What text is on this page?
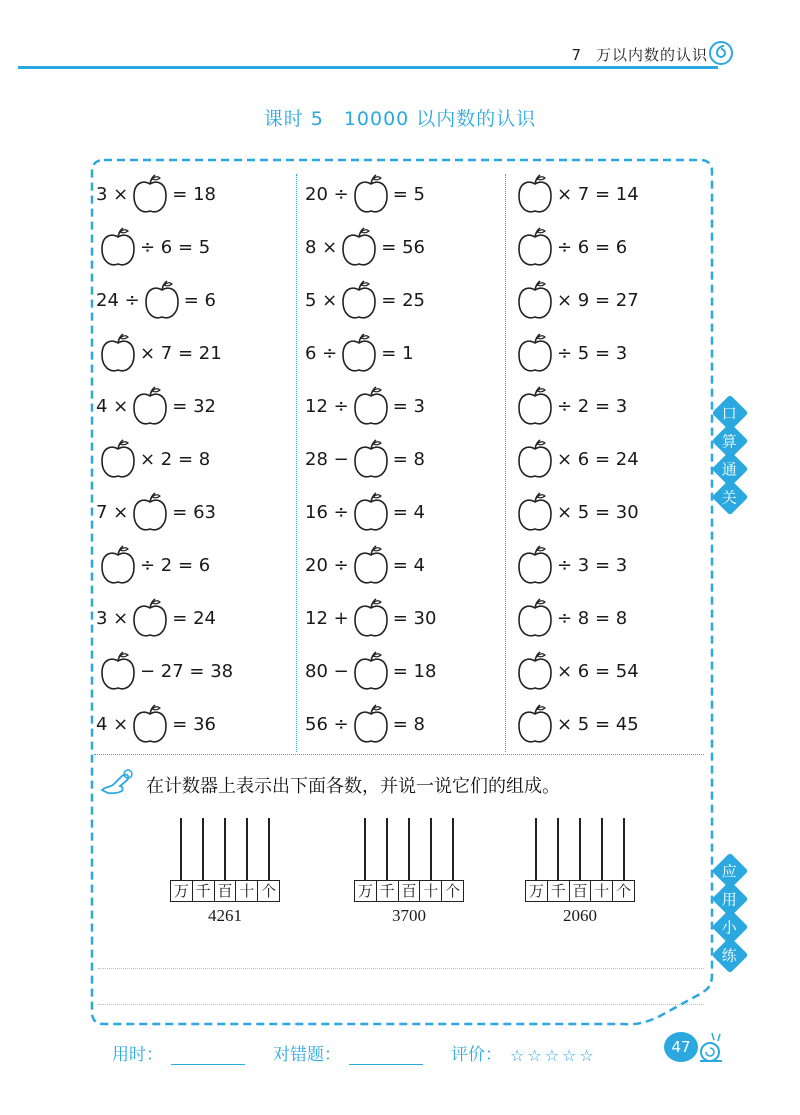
7 万以内数的认识
课时 5 10000 以内数的认识
3 × = 18
÷ 6 = 5
24 ÷ = 6
× 7 = 21
4 × = 32
× 2 = 8
7 × = 63
÷ 2 = 6
3 × = 24
− 27 = 38
4 × = 36
20 ÷ = 5
8 × = 56
5 × = 25
6 ÷ = 1
12 ÷ = 3
28 − = 8
16 ÷ = 4
20 ÷ = 4
12 + = 30
80 − = 18
56 ÷ = 8
× 7 = 14
÷ 6 = 6
× 9 = 27
÷ 5 = 3
÷ 2 = 3
× 6 = 24
× 5 = 30
÷ 3 = 3
÷ 8 = 8
× 6 = 54
× 5 = 45
在计数器上表示出下面各数，并说一说它们的组成。
万 千 百 十 个
4261
万 千 百 十 个
3700
万 千 百 十 个
2060
口
算
通
关
应
用
小
练
用时：	对错题：	评价： ☆☆☆☆☆	47
